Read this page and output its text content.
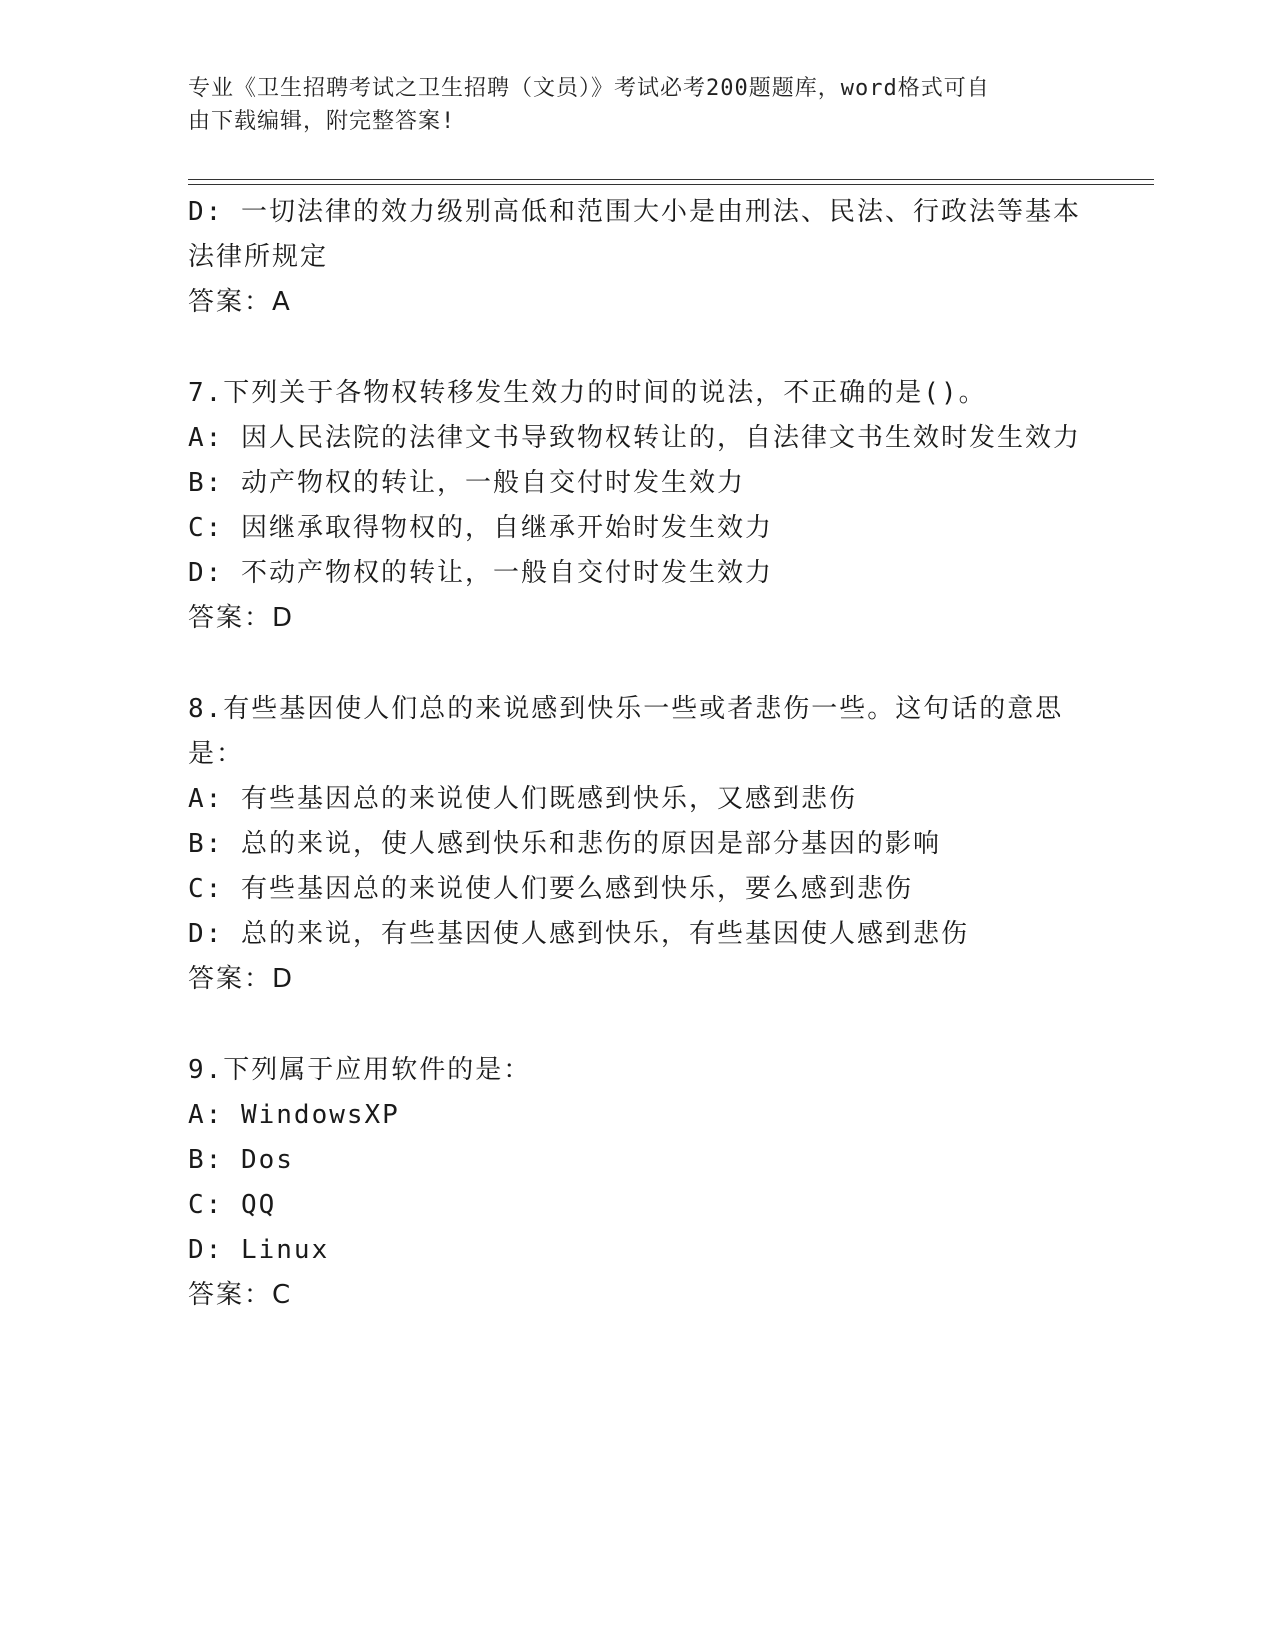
专业《卫生招聘考试之卫生招聘（文员）》考试必考200题题库，word格式可自
由下载编辑，附完整答案!
D: 一切法律的效力级别高低和范围大小是由刑法、民法、行政法等基本法律所规定
答案：A
7.下列关于各物权转移发生效力的时间的说法，不正确的是()。
A: 因人民法院的法律文书导致物权转让的，自法律文书生效时发生效力
B: 动产物权的转让，一般自交付时发生效力
C: 因继承取得物权的，自继承开始时发生效力
D: 不动产物权的转让，一般自交付时发生效力
答案：D
8.有些基因使人们总的来说感到快乐一些或者悲伤一些。这句话的意思是：
A: 有些基因总的来说使人们既感到快乐，又感到悲伤
B: 总的来说，使人感到快乐和悲伤的原因是部分基因的影响
C: 有些基因总的来说使人们要么感到快乐，要么感到悲伤
D: 总的来说，有些基因使人感到快乐，有些基因使人感到悲伤
答案：D
9.下列属于应用软件的是：
A: WindowsXP
B: Dos
C: QQ
D: Linux
答案：C
